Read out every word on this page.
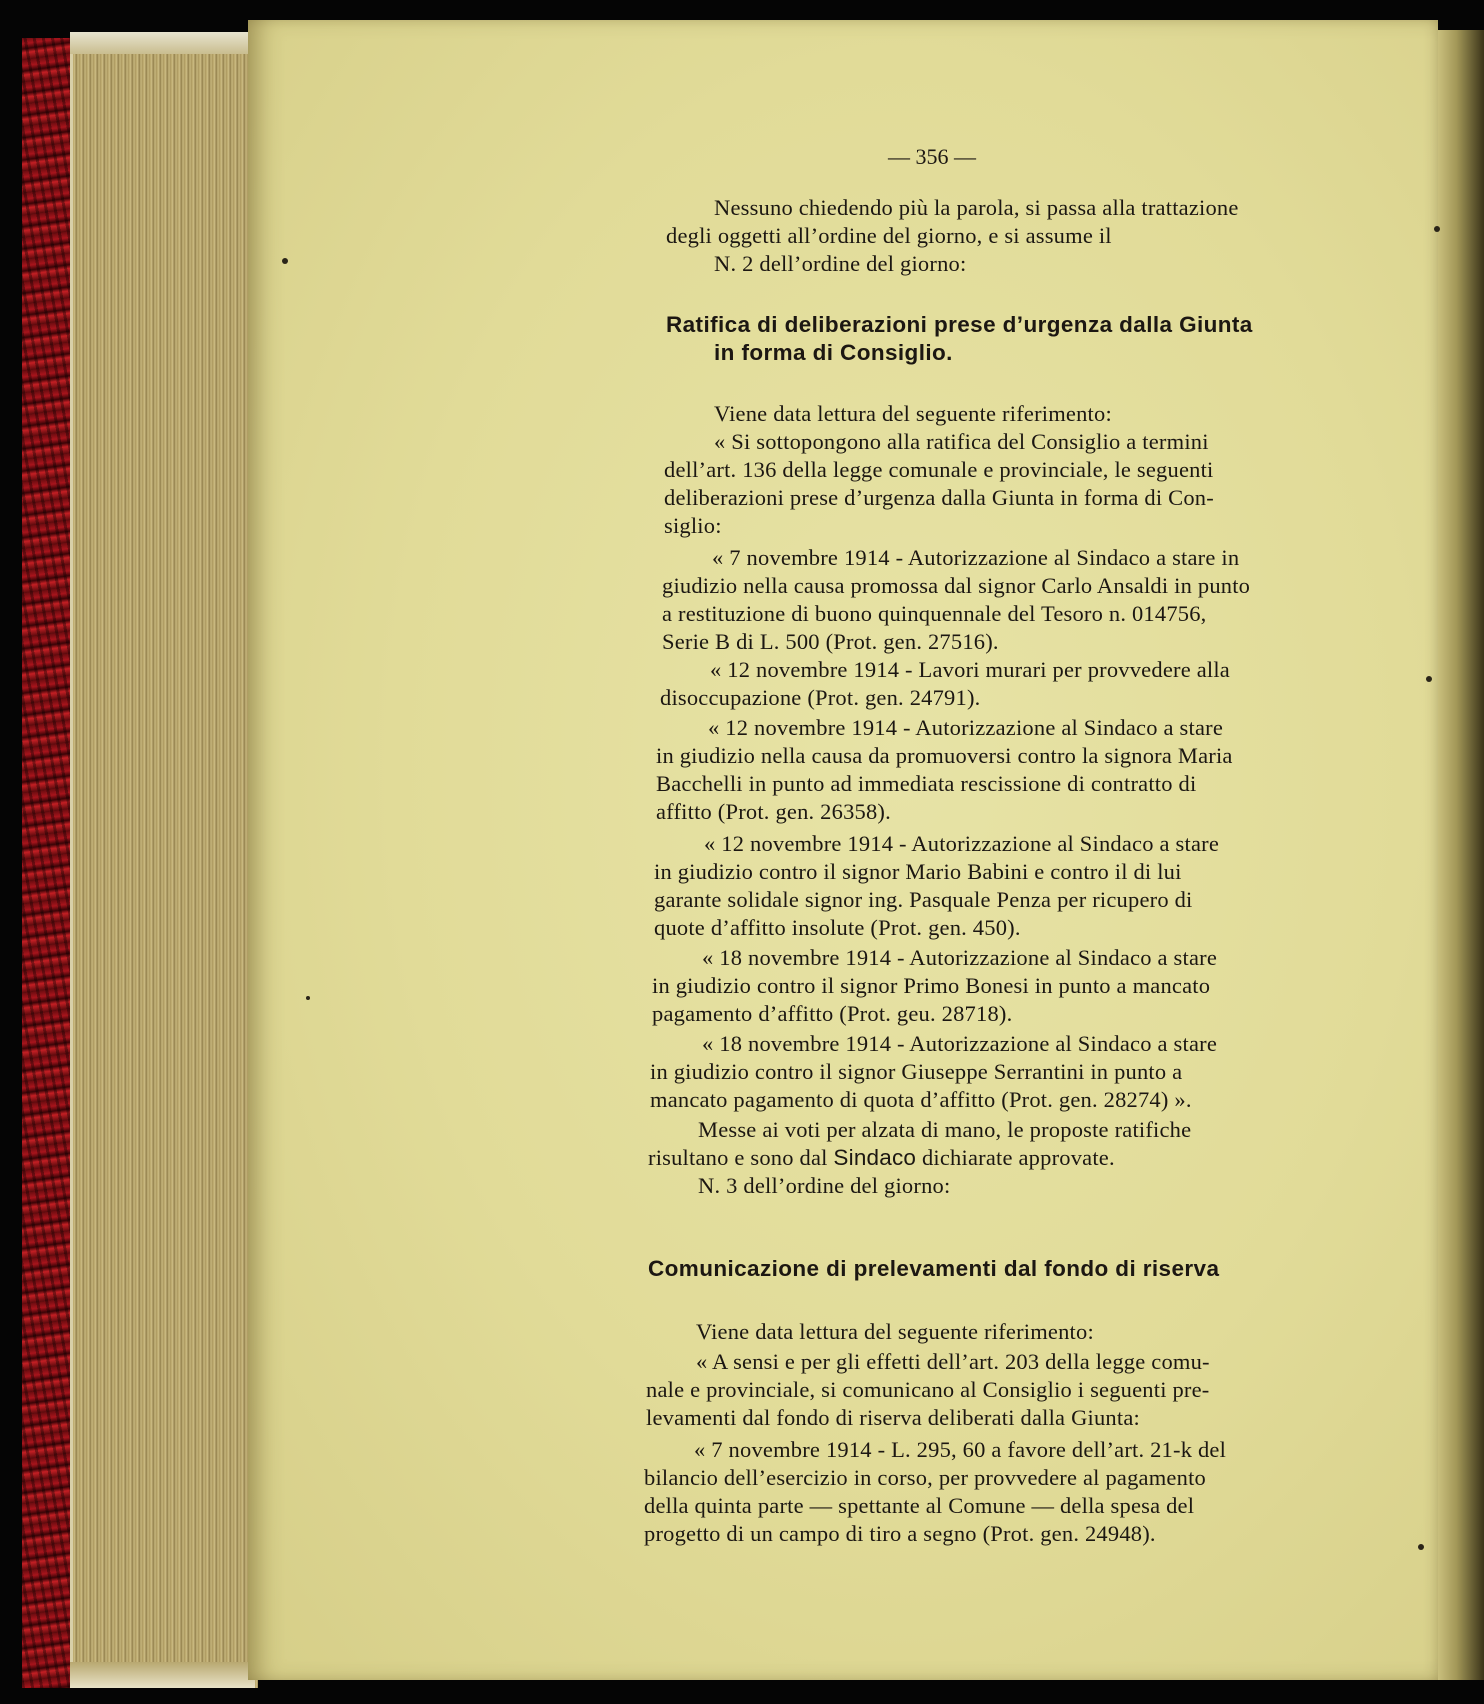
— 356 —
Nessuno chiedendo più la parola, si passa alla trattazione
degli oggetti all’ordine del giorno, e si assume il
N. 2 dell’ordine del giorno:
Ratifica di deliberazioni prese d’urgenza dalla Giunta
in forma di Consiglio.
Viene data lettura del seguente riferimento:
« Si sottopongono alla ratifica del Consiglio a termini
dell’art. 136 della legge comunale e provinciale, le seguenti
deliberazioni prese d’urgenza dalla Giunta in forma di Con-
siglio:
« 7 novembre 1914 - Autorizzazione al Sindaco a stare in
giudizio nella causa promossa dal signor Carlo Ansaldi in punto
a restituzione di buono quinquennale del Tesoro n. 014756,
Serie B di L. 500 (Prot. gen. 27516).
« 12 novembre 1914 - Lavori murari per provvedere alla
disoccupazione (Prot. gen. 24791).
« 12 novembre 1914 - Autorizzazione al Sindaco a stare
in giudizio nella causa da promuoversi contro la signora Maria
Bacchelli in punto ad immediata rescissione di contratto di
affitto (Prot. gen. 26358).
« 12 novembre 1914 - Autorizzazione al Sindaco a stare
in giudizio contro il signor Mario Babini e contro il di lui
garante solidale signor ing. Pasquale Penza per ricupero di
quote d’affitto insolute (Prot. gen. 450).
« 18 novembre 1914 - Autorizzazione al Sindaco a stare
in giudizio contro il signor Primo Bonesi in punto a mancato
pagamento d’affitto (Prot. geu. 28718).
« 18 novembre 1914 - Autorizzazione al Sindaco a stare
in giudizio contro il signor Giuseppe Serrantini in punto a
mancato pagamento di quota d’affitto (Prot. gen. 28274) ».
Messe ai voti per alzata di mano, le proposte ratifiche
risultano e sono dal Sindaco dichiarate approvate.
N. 3 dell’ordine del giorno:
Comunicazione di prelevamenti dal fondo di riserva
Viene data lettura del seguente riferimento:
« A sensi e per gli effetti dell’art. 203 della legge comu-
nale e provinciale, si comunicano al Consiglio i seguenti pre-
levamenti dal fondo di riserva deliberati dalla Giunta:
« 7 novembre 1914 - L. 295, 60 a favore dell’art. 21-k del
bilancio dell’esercizio in corso, per provvedere al pagamento
della quinta parte — spettante al Comune — della spesa del
progetto di un campo di tiro a segno (Prot. gen. 24948).
